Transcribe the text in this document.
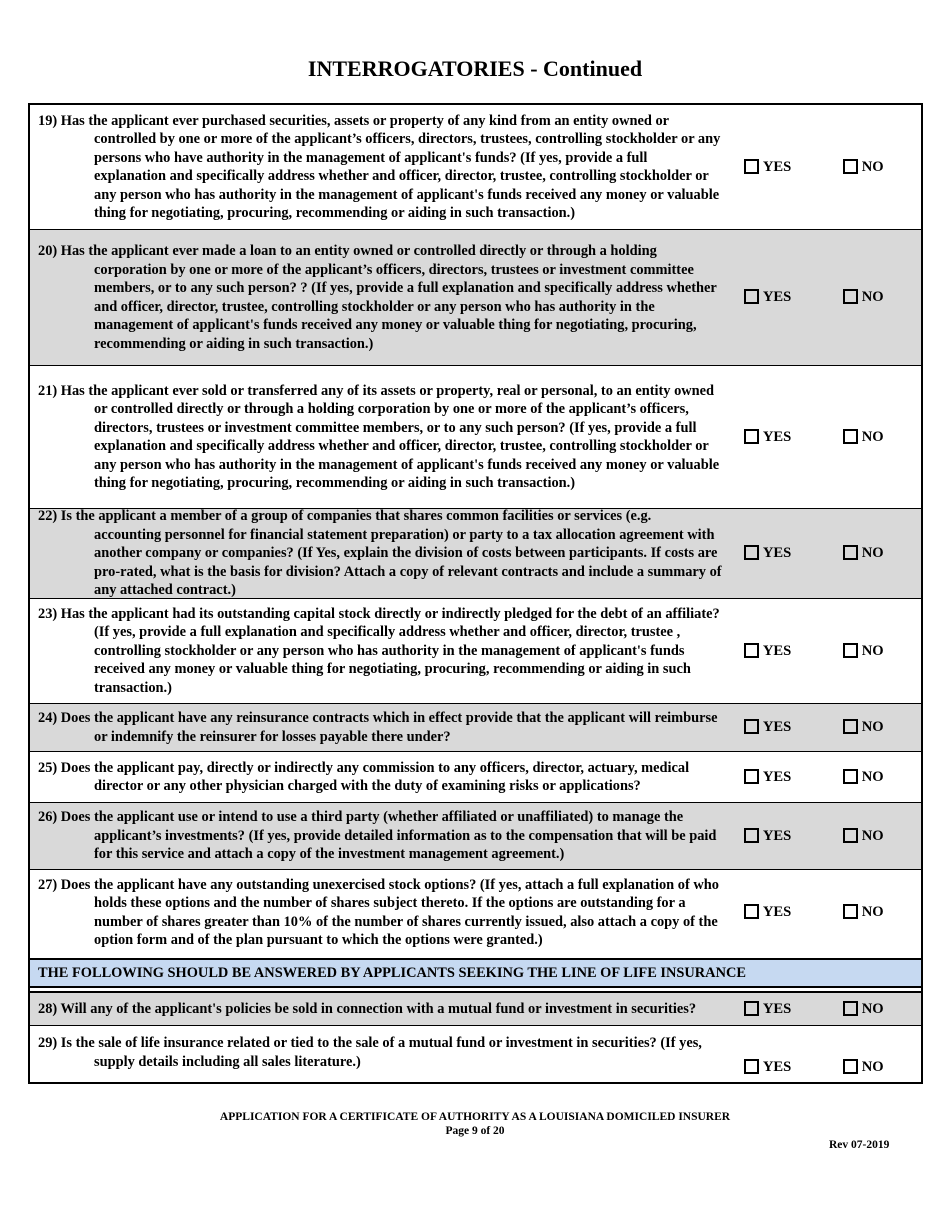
INTERROGATORIES - Continued
19) Has the applicant ever purchased securities, assets or property of any kind from an entity owned or controlled by one or more of the applicant’s officers, directors, trustees, controlling stockholder or any persons who have authority in the management of applicant's funds? (If yes, provide a full explanation and specifically address whether and officer, director, trustee, controlling stockholder or any person who has authority in the management of applicant's funds received any money or valuable thing for negotiating, procuring, recommending or aiding in such transaction.)
YES	NO
20) Has the applicant ever made a loan to an entity owned or controlled directly or through a holding corporation by one or more of the applicant’s officers, directors, trustees or investment committee members, or to any such person? ? (If yes, provide a full explanation and specifically address whether and officer, director, trustee, controlling stockholder or any person who has authority in the management of applicant's funds received any money or valuable thing for negotiating, procuring, recommending or aiding in such transaction.)
YES	NO
21) Has the applicant ever sold or transferred any of its assets or property, real or personal, to an entity owned or controlled directly or through a holding corporation by one or more of the applicant’s officers, directors, trustees or investment committee members, or to any such person? (If yes, provide a full explanation and specifically address whether and officer, director, trustee, controlling stockholder or any person who has authority in the management of applicant's funds received any money or valuable thing for negotiating, procuring, recommending or aiding in such transaction.)
YES	NO
22) Is the applicant a member of a group of companies that shares common facilities or services (e.g. accounting personnel for financial statement preparation) or party to a tax allocation agreement with another company or companies? (If Yes, explain the division of costs between participants. If costs are pro-rated, what is the basis for division? Attach a copy of relevant contracts and include a summary of any attached contract.)
YES	NO
23) Has the applicant had its outstanding capital stock directly or indirectly pledged for the debt of an affiliate? (If yes, provide a full explanation and specifically address whether and officer, director, trustee , controlling stockholder or any person who has authority in the management of applicant's funds received any money or valuable thing for negotiating, procuring, recommending or aiding in such transaction.)
YES	NO
24) Does the applicant have any reinsurance contracts which in effect provide that the applicant will reimburse or indemnify the reinsurer for losses payable there under?
YES	NO
25) Does the applicant pay, directly or indirectly any commission to any officers, director, actuary, medical director or any other physician charged with the duty of examining risks or applications?
YES	NO
26) Does the applicant use or intend to use a third party (whether affiliated or unaffiliated) to manage the applicant’s investments? (If yes, provide detailed information as to the compensation that will be paid for this service and attach a copy of the investment management agreement.)
YES	NO
27) Does the applicant have any outstanding unexercised stock options? (If yes, attach a full explanation of who holds these options and the number of shares subject thereto. If the options are outstanding for a number of shares greater than 10% of the number of shares currently issued, also attach a copy of the option form and of the plan pursuant to which the options were granted.)
YES	NO
THE FOLLOWING SHOULD BE ANSWERED BY APPLICANTS SEEKING THE LINE OF LIFE INSURANCE
28) Will any of the applicant's policies be sold in connection with a mutual fund or investment in securities?	YES	NO
29) Is the sale of life insurance related or tied to the sale of a mutual fund or investment in securities? (If yes, supply details including all sales literature.)	YES	NO
APPLICATION FOR A CERTIFICATE OF AUTHORITY AS A LOUISIANA DOMICILED INSURER
Page 9 of 20
Rev 07-2019
